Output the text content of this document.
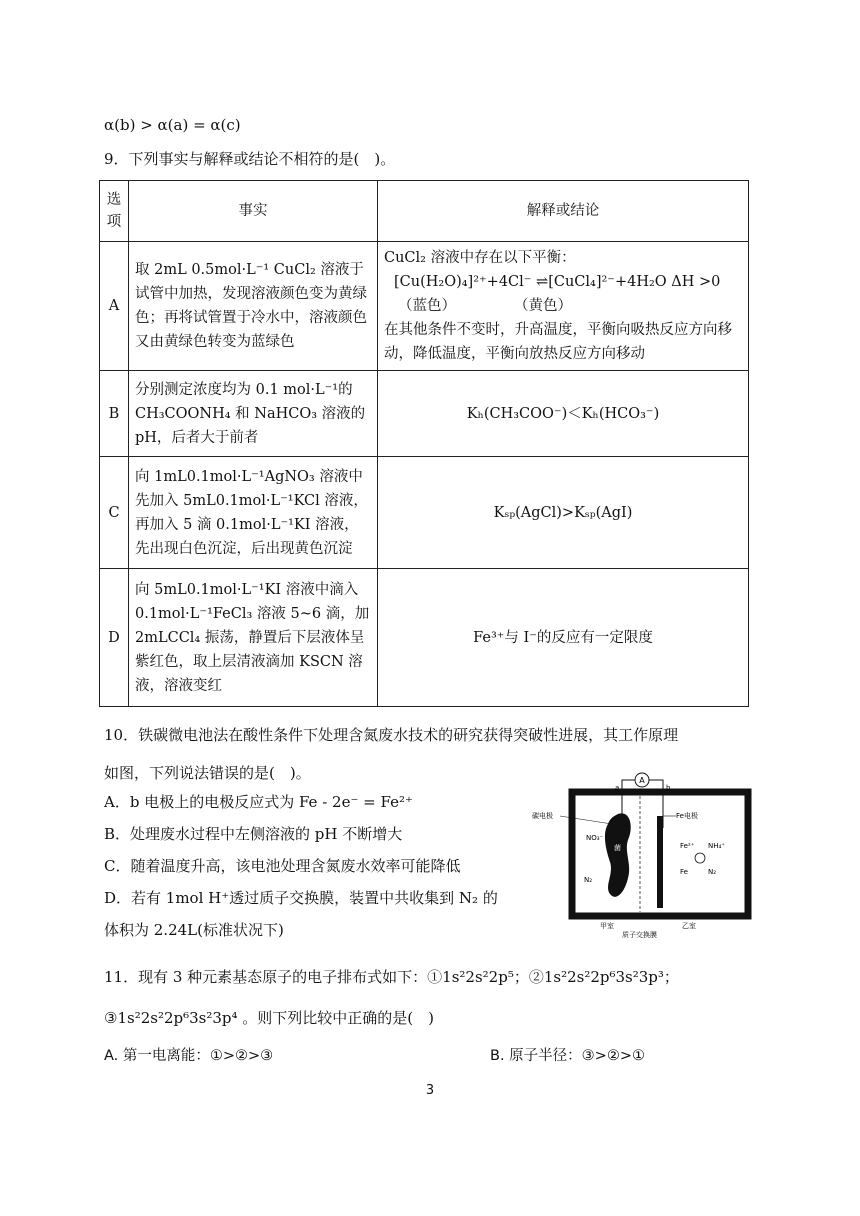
α(b) > α(a) = α(c)
9．下列事实与解释或结论不相符的是(　)。
选项	事实	解释或结论
A	取 2mL 0.5mol·L⁻¹ CuCl₂ 溶液于试管中加热，发现溶液颜色变为黄绿色；再将试管置于冷水中，溶液颜色又由黄绿色转变为蓝绿色	CuCl₂ 溶液中存在以下平衡：
[Cu(H₂O)₄]²⁺+4Cl⁻ ⇌[CuCl₄]²⁻+4H₂O ΔH >0
（蓝色）　　　　　（黄色）
在其他条件不变时，升高温度，平衡向吸热反应方向移动，降低温度，平衡向放热反应方向移动

B	分别测定浓度均为 0.1 mol·L⁻¹的 CH₃COONH₄ 和 NaHCO₃ 溶液的 pH，后者大于前者	Kₕ(CH₃COO⁻)＜Kₕ(HCO₃⁻)
C	向 1mL0.1mol·L⁻¹AgNO₃ 溶液中先加入 5mL0.1mol·L⁻¹KCl 溶液，再加入 5 滴 0.1mol·L⁻¹KI 溶液，先出现白色沉淀，后出现黄色沉淀	Kₛₚ(AgCl)>Kₛₚ(AgI)
D	向 5mL0.1mol·L⁻¹KI 溶液中滴入 0.1mol·L⁻¹FeCl₃ 溶液 5~6 滴，加 2mLCCl₄ 振荡，静置后下层液体呈紫红色，取上层清液滴加 KSCN 溶液，溶液变红	Fe³⁺与 I⁻的反应有一定限度
10．铁碳微电池法在酸性条件下处理含氮废水技术的研究获得突破性进展，其工作原理
如图，下列说法错误的是(　)。
A．b 电极上的电极反应式为 Fe - 2e⁻ = Fe²⁺
B．处理废水过程中左侧溶液的 pH 不断增大
C．随着温度升高，该电池处理含氮废水效率可能降低
D．若有 1mol H⁺透过质子交换膜，装置中共收集到 N₂ 的
体积为 2.24L(标准状况下)
A
a	b
菌
碳电极	Fe电极
NO₃⁻
N₂
Fe²⁺ NH₄⁺
Fe	N₂
甲室
质子交换膜
乙室
11．现有 3 种元素基态原子的电子排布式如下：①1s²2s²2p⁵；②1s²2s²2p⁶3s²3p³；
③1s²2s²2p⁶3s²3p⁴ 。则下列比较中正确的是(　)
A. 第一电离能：①>②>③	B. 原子半径：③>②>①
3
